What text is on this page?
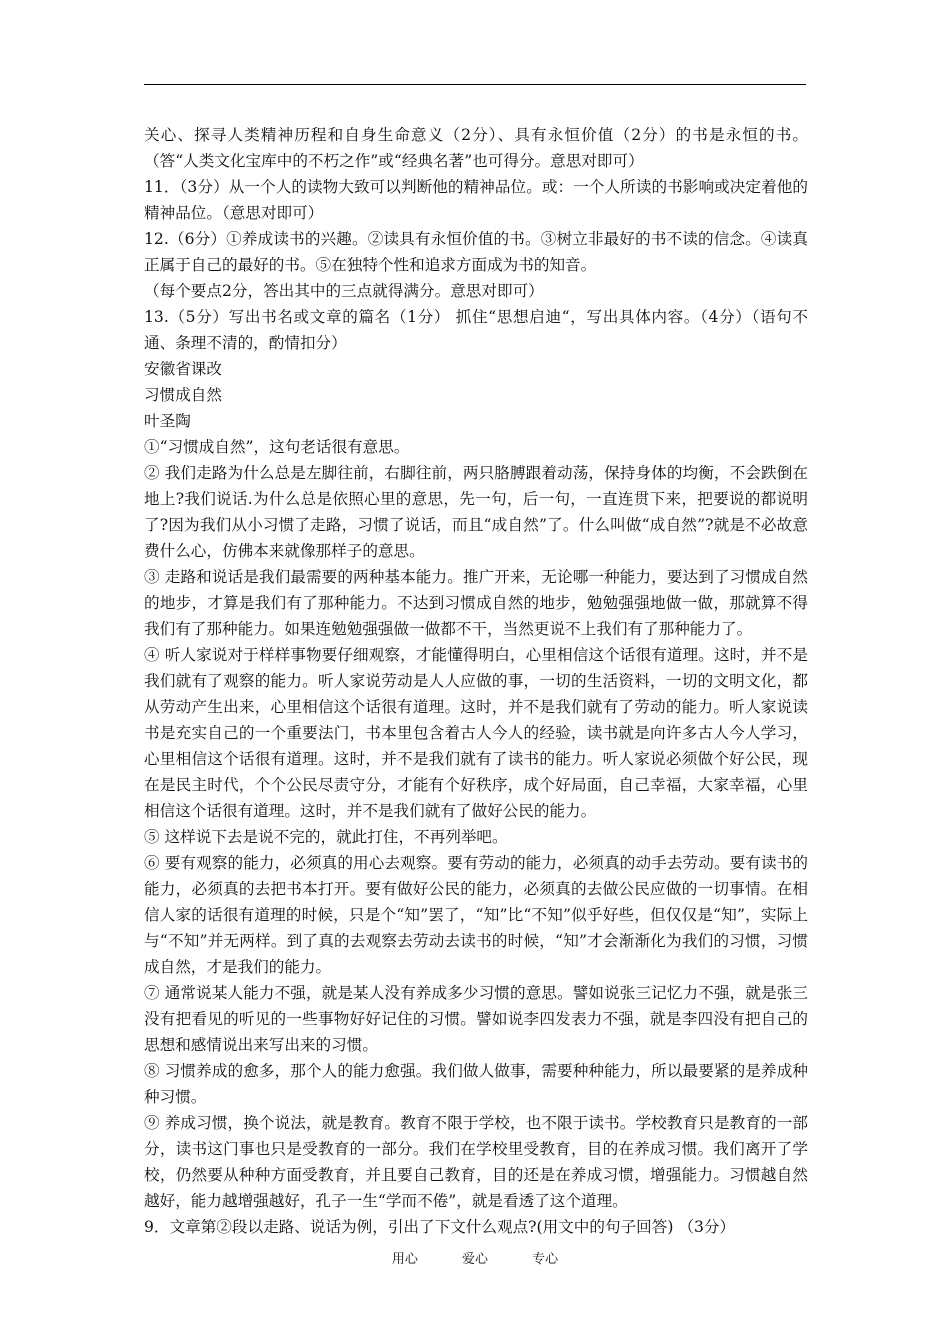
关心、探寻人类精神历程和自身生命意义（2分）、具有永恒价值（2分）的书是永恒的书。（答“人类文化宝库中的不朽之作”或“经典名著”也可得分。意思对即可）

11．（3分）从一个人的读物大致可以判断他的精神品位。或：一个人所读的书影响或决定着他的精神品位。（意思对即可）

12.（6分）①养成读书的兴趣。②读具有永恒价值的书。③树立非最好的书不读的信念。④读真正属于自己的最好的书。⑤在独特个性和追求方面成为书的知音。

（每个要点2分，答出其中的三点就得满分。意思对即可）

13.（5分）写出书名或文章的篇名（1分） 抓住“思想启迪“，写出具体内容。（4分）（语句不通、条理不清的，酌情扣分）

安徽省课改

习惯成自然

叶圣陶

①“习惯成自然”，这句老话很有意思。

② 我们走路为什么总是左脚往前，右脚往前，两只胳膊跟着动荡，保持身体的均衡，不会跌倒在地上?我们说话.为什么总是依照心里的意思，先一句，后一句，一直连贯下来，把要说的都说明了?因为我们从小习惯了走路，习惯了说话，而且“成自然”了。什么叫做“成自然”?就是不必故意费什么心，仿佛本来就像那样子的意思。

③ 走路和说话是我们最需要的两种基本能力。推广开来，无论哪一种能力，要达到了习惯成自然的地步，才算是我们有了那种能力。不达到习惯成自然的地步，勉勉强强地做一做，那就算不得我们有了那种能力。如果连勉勉强强做一做都不干，当然更说不上我们有了那种能力了。

④ 听人家说对于样样事物要仔细观察，才能懂得明白，心里相信这个话很有道理。这时，并不是我们就有了观察的能力。听人家说劳动是人人应做的事，一切的生活资料，一切的文明文化，都从劳动产生出来，心里相信这个话很有道理。这时，并不是我们就有了劳动的能力。听人家说读书是充实自己的一个重要法门，书本里包含着古人今人的经验，读书就是向许多古人今人学习，心里相信这个话很有道理。这时，并不是我们就有了读书的能力。听人家说必须做个好公民，现在是民主时代，个个公民尽责守分，才能有个好秩序，成个好局面，自己幸福，大家幸福，心里相信这个话很有道理。这时，并不是我们就有了做好公民的能力。

⑤ 这样说下去是说不完的，就此打住，不再列举吧。

⑥ 要有观察的能力，必须真的用心去观察。要有劳动的能力，必须真的动手去劳动。要有读书的能力，必须真的去把书本打开。要有做好公民的能力，必须真的去做公民应做的一切事情。在相信人家的话很有道理的时候，只是个“知”罢了，“知”比“不知”似乎好些，但仅仅是“知”，实际上与“不知”并无两样。到了真的去观察去劳动去读书的时候，“知”才会渐渐化为我们的习惯，习惯成自然，才是我们的能力。

⑦ 通常说某人能力不强，就是某人没有养成多少习惯的意思。譬如说张三记忆力不强，就是张三没有把看见的听见的一些事物好好记住的习惯。譬如说李四发表力不强，就是李四没有把自己的思想和感情说出来写出来的习惯。

⑧ 习惯养成的愈多，那个人的能力愈强。我们做人做事，需要种种能力，所以最要紧的是养成种种习惯。

⑨ 养成习惯，换个说法，就是教育。教育不限于学校，也不限于读书。学校教育只是教育的一部分，读书这门事也只是受教育的一部分。我们在学校里受教育，目的在养成习惯。我们离开了学校，仍然要从种种方面受教育，并且要自己教育，目的还是在养成习惯，增强能力。习惯越自然越好，能力越增强越好，孔子一生“学而不倦”，就是看透了这个道理。

9．文章第②段以走路、说话为例，引出了下文什么观点?(用文中的句子回答) （3分）

用心	爱心	专心
